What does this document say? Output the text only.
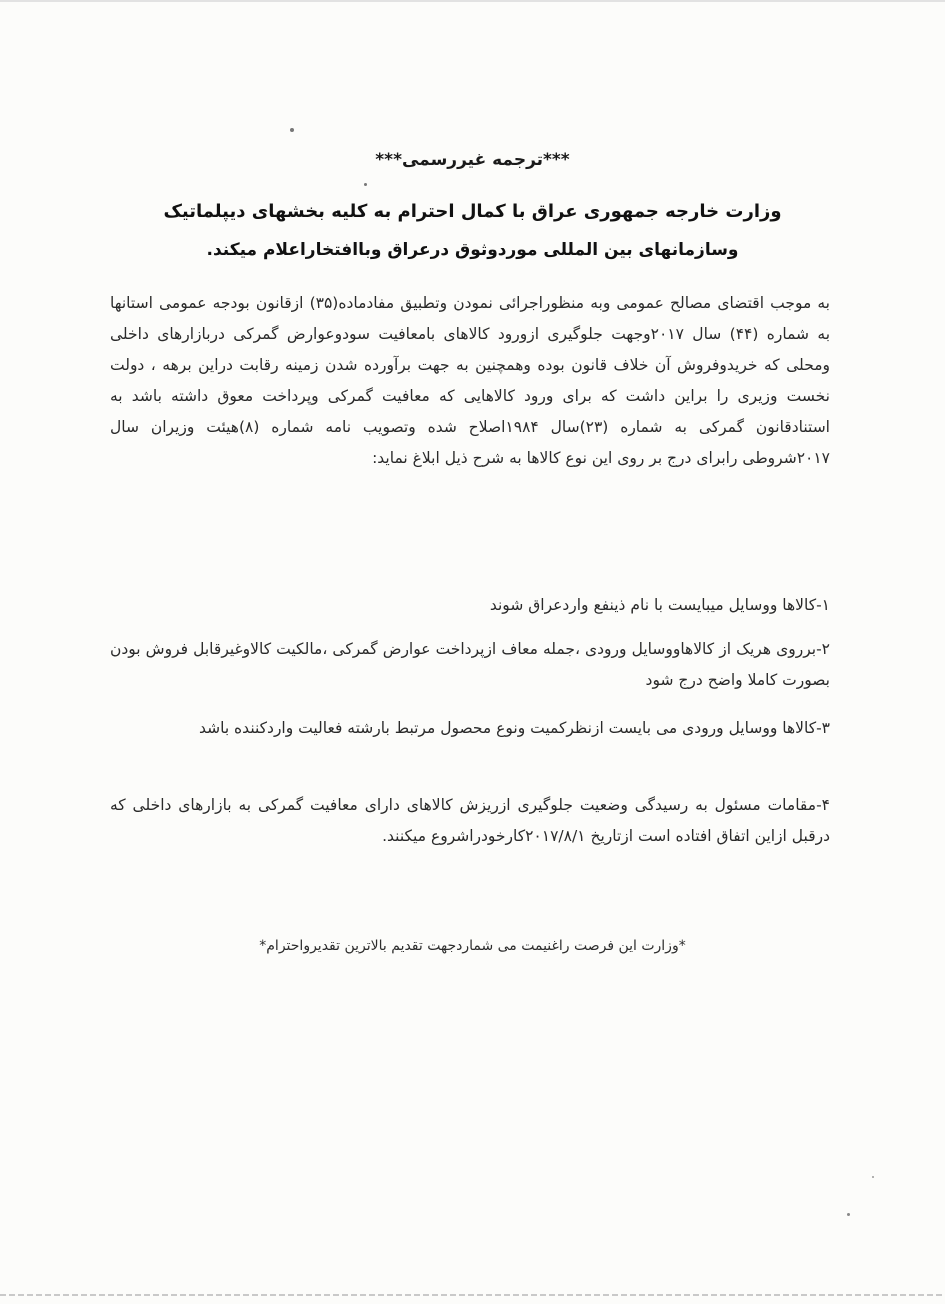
***ترجمه غیررسمی***
وزارت خارجه جمهوری عراق با کمال احترام به کلیه بخشهای دیپلماتیک
وسازمانهای بین المللی موردوثوق درعراق وباافتخاراعلام میکند.
به موجب اقتضای مصالح عمومی وبه منظوراجرائی نمودن وتطبیق مفادماده(۳۵) ازقانون بودجه عمومی استانها به شماره (۴۴) سال ۲۰۱۷وجهت جلوگیری ازورود کالاهای بامعافیت سودوعوارض گمرکی دربازارهای داخلی ومحلی که خریدوفروش آن خلاف قانون بوده وهمچنین به جهت برآورده شدن زمینه رقابت دراین برهه ، دولت نخست وزیری را براین داشت که برای ورود کالاهایی که معافیت گمرکی وپرداخت معوق داشته باشد به استنادقانون گمرکی به شماره (۲۳)سال ۱۹۸۴اصلاح شده وتصویب نامه شماره (۸)هیئت وزیران سال ۲۰۱۷شروطی رابرای درج بر روی این نوع کالاها به شرح ذیل ابلاغ نماید:
۱-کالاها ووسایل میبایست با نام ذینفع واردعراق شوند
۲-برروی هریک از کالاهاووسایل ورودی ،جمله معاف ازپرداخت عوارض گمرکی ،مالکیت کالاوغیرقابل فروش بودن بصورت کاملا واضح درج شود
۳-کالاها ووسایل ورودی می بایست ازنظرکمیت ونوع محصول مرتبط بارشته فعالیت واردکننده باشد
۴-مقامات مسئول به رسیدگی وضعیت جلوگیری ازریزش کالاهای دارای معافیت گمرکی به بازارهای داخلی که درقبل ازاین اتفاق افتاده است ازتاریخ ۲۰۱۷/۸/۱کارخودراشروع میکنند.
*وزارت این فرصت راغنیمت می شماردجهت تقدیم بالاترین تقدیرواحترام*
